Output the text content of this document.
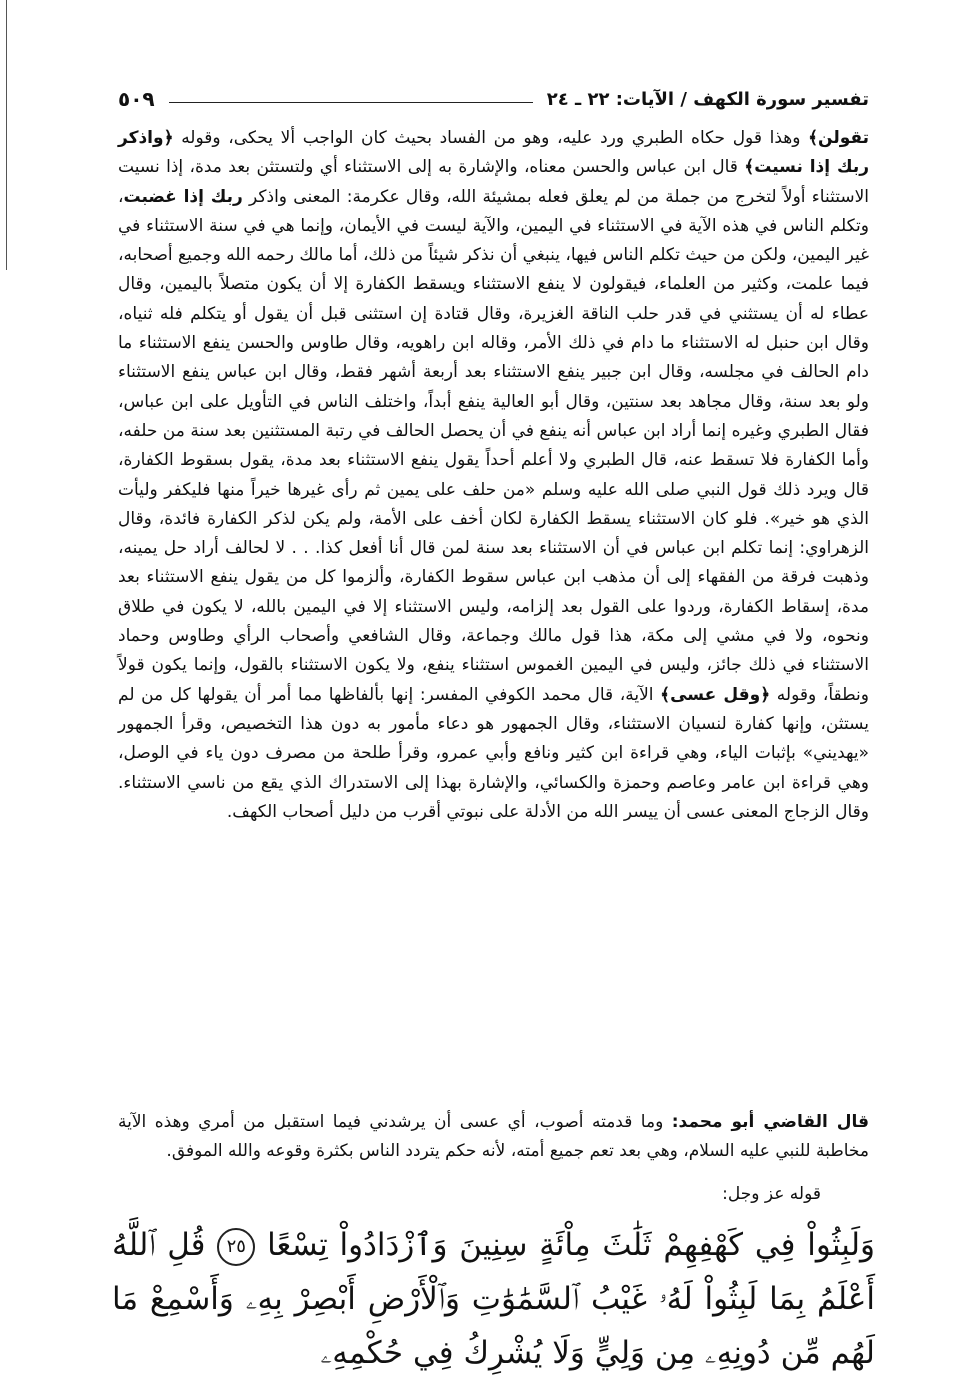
تفسير سورة الكهف / الآيات: ٢٢ ـ ٢٤
٥٠٩

تقولن﴾ وهذا قول حكاه الطبري ورد عليه، وهو من الفساد بحيث كان الواجب ألا يحكى، وقوله ﴿واذكر ربك إذا نسيت﴾ قال ابن عباس والحسن معناه، والإشارة به إلى الاستثناء أي ولتستثن بعد مدة، إذا نسيت الاستثناء أولاً لتخرج من جملة من لم يعلق فعله بمشيئة الله، وقال عكرمة: المعنى واذكر ربك إذا غضبت، وتكلم الناس في هذه الآية في الاستثناء في اليمين، والآية ليست في الأيمان، وإنما هي في سنة الاستثناء في غير اليمين، ولكن من حيث تكلم الناس فيها، ينبغي أن نذكر شيئاً من ذلك، أما مالك رحمه الله وجميع أصحابه، فيما علمت، وكثير من العلماء، فيقولون لا ينفع الاستثناء ويسقط الكفارة إلا أن يكون متصلاً باليمين، وقال عطاء له أن يستثني في قدر حلب الناقة الغزيرة، وقال قتادة إن استثنى قبل أن يقول أو يتكلم فله ثنياه، وقال ابن حنبل له الاستثناء ما دام في ذلك الأمر، وقاله ابن راهويه، وقال طاوس والحسن ينفع الاستثناء ما دام الحالف في مجلسه، وقال ابن جبير ينفع الاستثناء بعد أربعة أشهر فقط، وقال ابن عباس ينفع الاستثناء ولو بعد سنة، وقال مجاهد بعد سنتين، وقال أبو العالية ينفع أبداً، واختلف الناس في التأويل على ابن عباس، فقال الطبري وغيره إنما أراد ابن عباس أنه ينفع في أن يحصل الحالف في رتبة المستثنين بعد سنة من حلفه، وأما الكفارة فلا تسقط عنه، قال الطبري ولا أعلم أحداً يقول ينفع الاستثناء بعد مدة، يقول بسقوط الكفارة، قال ويرد ذلك قول النبي صلى الله عليه وسلم «من حلف على يمين ثم رأى غيرها خيراً منها فليكفر وليأت الذي هو خير». فلو كان الاستثناء يسقط الكفارة لكان أخف على الأمة، ولم يكن لذكر الكفارة فائدة، وقال الزهراوي: إنما تكلم ابن عباس في أن الاستثناء بعد سنة لمن قال أنا أفعل كذا. . . لا لحالف أراد حل يمينه، وذهبت فرقة من الفقهاء إلى أن مذهب ابن عباس سقوط الكفارة، وألزموا كل من يقول ينفع الاستثناء بعد مدة، إسقاط الكفارة، وردوا على القول بعد إلزامه، وليس الاستثناء إلا في اليمين بالله، لا يكون في طلاق ونحوه، ولا في مشي إلى مكة، هذا قول مالك وجماعة، وقال الشافعي وأصحاب الرأي وطاوس وحماد الاستثناء في ذلك جائز، وليس في اليمين الغموس استثناء ينفع، ولا يكون الاستثناء بالقول، وإنما يكون قولاً ونطقاً، وقوله ﴿وقل عسى﴾ الآية، قال محمد الكوفي المفسر: إنها بألفاظها مما أمر أن يقولها كل من لم يستثن، وإنها كفارة لنسيان الاستثناء، وقال الجمهور هو دعاء مأمور به دون هذا التخصيص، وقرأ الجمهور «يهديني» بإثبات الياء، وهي قراءة ابن كثير ونافع وأبي عمرو، وقرأ طلحة من مصرف دون ياء في الوصل، وهي قراءة ابن عامر وعاصم وحمزة والكسائي، والإشارة بهذا إلى الاستدراك الذي يقع من ناسي الاستثناء. وقال الزجاج المعنى عسى أن ييسر الله من الأدلة على نبوتي أقرب من دليل أصحاب الكهف.

قال القاضي أبو محمد: وما قدمته أصوب، أي عسى أن يرشدني فيما استقبل من أمري وهذه الآية مخاطبة للنبي عليه السلام، وهي بعد تعم جميع أمته، لأنه حكم يتردد الناس بكثرة وقوعه والله الموفق.

قوله عز وجل:
وَلَبِثُواْ فِي كَهْفِهِمْ ثَلَٰثَ مِاْئَةٍ سِنِينَ وَٱزْدَادُواْ تِسْعًا ٢٥ قُلِ ٱللَّهُ أَعْلَمُ بِمَا لَبِثُواْ لَهُۥ غَيْبُ ٱلسَّمَٰوَٰتِ وَٱلْأَرْضِ أَبْصِرْ بِهِۦ وَأَسْمِعْ مَا لَهُم مِّن دُونِهِۦ مِن وَلِيٍّ وَلَا يُشْرِكُ فِي حُكْمِهِۦ
